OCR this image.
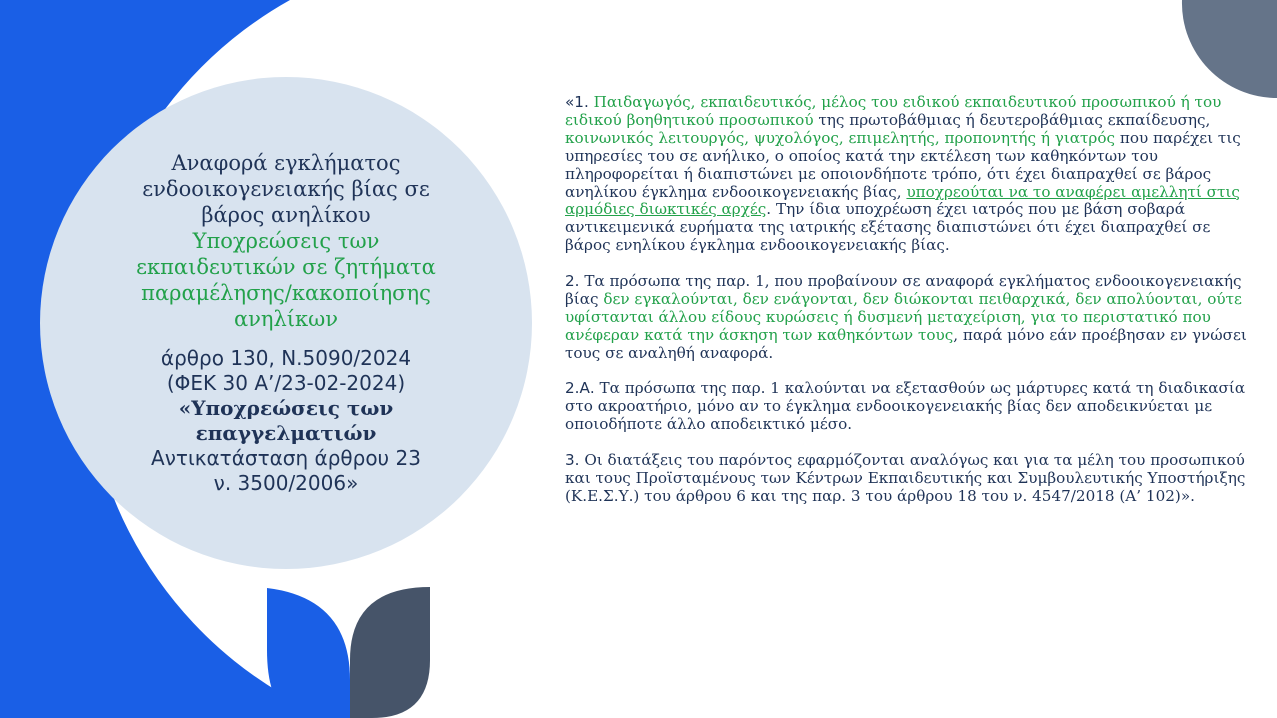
Αναφορά εγκλήματος
ενδοοικογενειακής βίας σε
βάρος ανηλίκου
Υποχρεώσεις των
εκπαιδευτικών σε ζητήματα
παραμέλησης/κακοποίησης
ανηλίκων
άρθρο 130, Ν.5090/2024
(ΦΕΚ 30 Α’/23-02-2024)
«Υποχρεώσεις των
επαγγελματιών
Αντικατάσταση άρθρου 23
ν. 3500/2006»

«1. Παιδαγωγός, εκπαιδευτικός, μέλος του ειδικού εκπαιδευτικού προσωπικού ή του ειδικού βοηθητικού προσωπικού της πρωτοβάθμιας ή δευτεροβάθμιας εκπαίδευσης, κοινωνικός λειτουργός, ψυχολόγος, επιμελητής, προπονητής ή γιατρός που παρέχει τις υπηρεσίες του σε ανήλικο, ο οποίος κατά την εκτέλεση των καθηκόντων του πληροφορείται ή διαπιστώνει με οποιονδήποτε τρόπο, ότι έχει διαπραχθεί σε βάρος ανηλίκου έγκλημα ενδοοικογενειακής βίας, υποχρεούται να το αναφέρει αμελλητί στις αρμόδιες διωκτικές αρχές. Την ίδια υποχρέωση έχει ιατρός που με βάση σοβαρά αντικειμενικά ευρήματα της ιατρικής εξέτασης διαπιστώνει ότι έχει διαπραχθεί σε βάρος ενηλίκου έγκλημα ενδοοικογενειακής βίας.

2. Τα πρόσωπα της παρ. 1, που προβαίνουν σε αναφορά εγκλήματος ενδοοικογενειακής βίας δεν εγκαλούνται, δεν ενάγονται, δεν διώκονται πειθαρχικά, δεν απολύονται, ούτε υφίστανται άλλου είδους κυρώσεις ή δυσμενή μεταχείριση, για το περιστατικό που ανέφεραν κατά την άσκηση των καθηκόντων τους, παρά μόνο εάν προέβησαν εν γνώσει τους σε αναληθή αναφορά.

2.Α. Τα πρόσωπα της παρ. 1 καλούνται να εξετασθούν ως μάρτυρες κατά τη διαδικασία στο ακροατήριο, μόνο αν το έγκλημα ενδοοικογενειακής βίας δεν αποδεικνύεται με οποιοδήποτε άλλο αποδεικτικό μέσο.

3. Οι διατάξεις του παρόντος εφαρμόζονται αναλόγως και για τα μέλη του προσωπικού και τους Προϊσταμένους των Κέντρων Εκπαιδευτικής και Συμβουλευτικής Υποστήριξης (Κ.Ε.Σ.Υ.) του άρθρου 6 και της παρ. 3 του άρθρου 18 του ν. 4547/2018 (Α’ 102)».
